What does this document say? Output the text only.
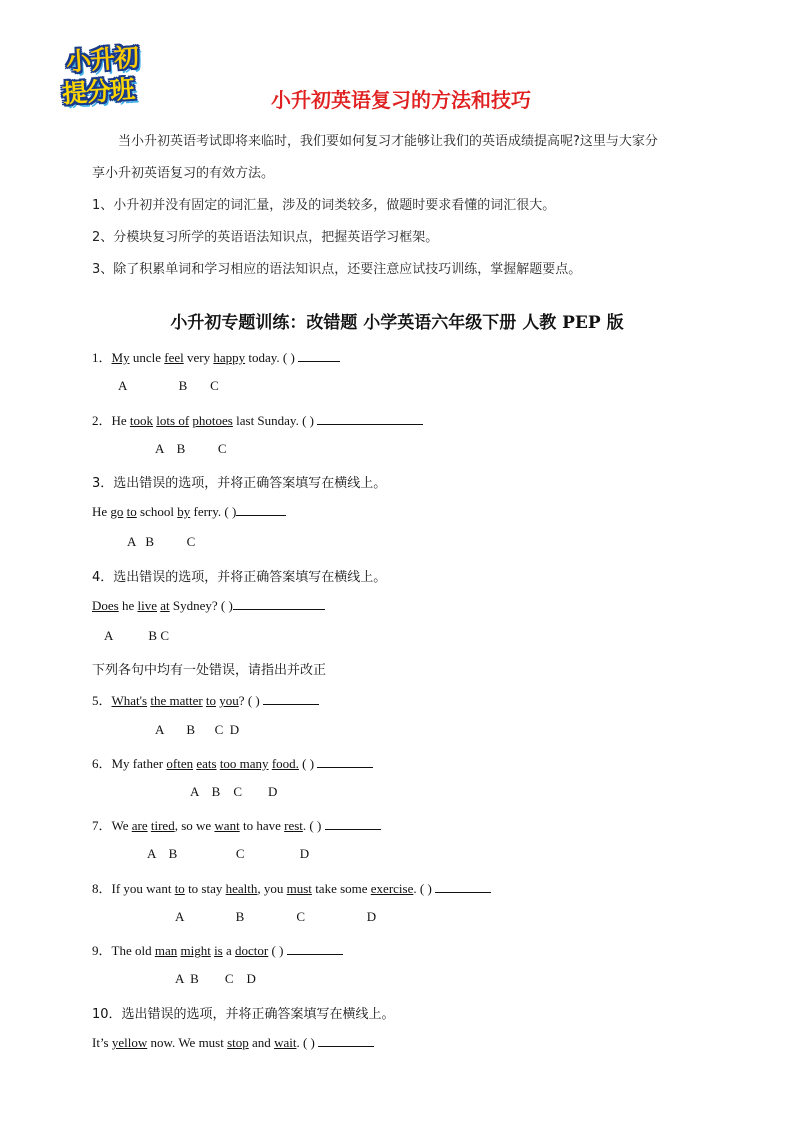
小升初
提分班	小升初英语复习的方法和技巧
当小升初英语考试即将来临时，我们要如何复习才能够让我们的英语成绩提高呢?这里与大家分
享小升初英语复习的有效方法。
1、小升初并没有固定的词汇量，涉及的词类较多，做题时要求看懂的词汇很大。
2、分模块复习所学的英语语法知识点，把握英语学习框架。
3、除了积累单词和学习相应的语法知识点，还要注意应试技巧训练，掌握解题要点。
小升初专题训练：改错题 小学英语六年级下册 人教 PEP 版
1．My uncle feel very happy today. ( )
A                B       C
2．He took lots of photoes last Sunday. ( )
A    B          C
3．选出错误的选项，并将正确答案填写在横线上。
He go to school by ferry. ( )
A   B          C
4．选出错误的选项，并将正确答案填写在横线上。
Does he live at Sydney? ( )
A           B C
下列各句中均有一处错误，请指出并改正
5．What's the matter to you? ( )
A       B      C  D
6．My father often eats too many food. ( )
A    B    C        D
7．We are tired, so we want to have rest. ( )
A    B                  C                 D
8．If you want to to stay health, you must take some exercise. ( )
A                B                C                   D
9．The old man might is a doctor ( )
A  B        C    D
10．选出错误的选项，并将正确答案填写在横线上。
It’s yellow now. We must stop and wait. ( )
